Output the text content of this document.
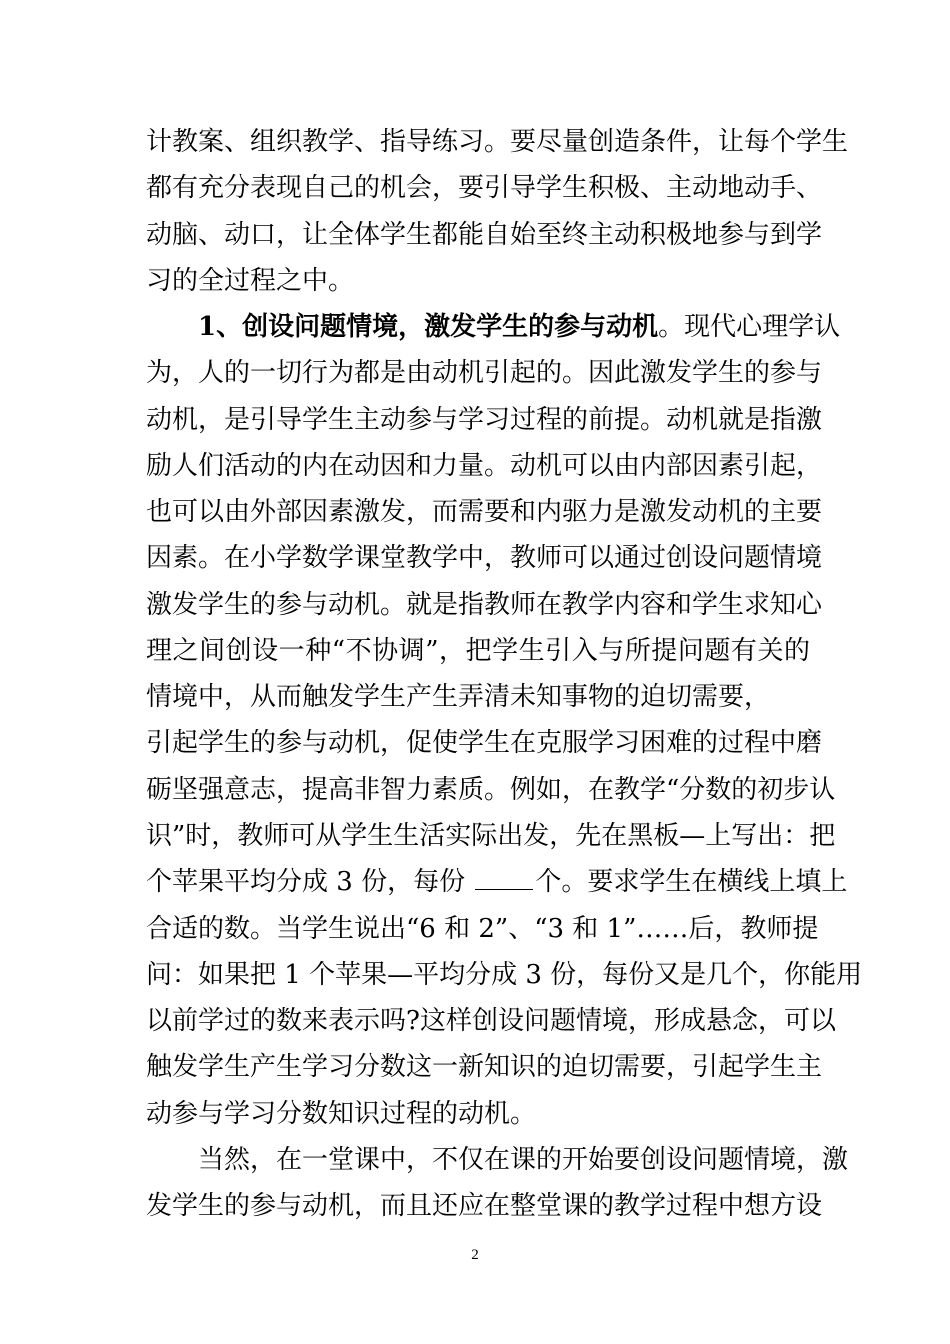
计教案、组织教学、指导练习。要尽量创造条件，让每个学生
都有充分表现自己的机会，要引导学生积极、主动地动手、
动脑、动口，让全体学生都能自始至终主动积极地参与到学
习的全过程之中。
1、创设问题情境，激发学生的参与动机。现代心理学认
为，人的一切行为都是由动机引起的。因此激发学生的参与
动机，是引导学生主动参与学习过程的前提。动机就是指激
励人们活动的内在动因和力量。动机可以由内部因素引起，
也可以由外部因素激发，而需要和内驱力是激发动机的主要
因素。在小学数学课堂教学中，教师可以通过创设问题情境
激发学生的参与动机。就是指教师在教学内容和学生求知心
理之间创设一种“不协调”，把学生引入与所提问题有关的
情境中，从而触发学生产生弄清未知事物的迫切需要，
引起学生的参与动机，促使学生在克服学习困难的过程中磨
砺坚强意志，提高非智力素质。例如，在教学“分数的初步认
识”时，教师可从学生生活实际出发，先在黑板—上写出：把
个苹果平均分成 3 份，每份 个。要求学生在横线上填上
合适的数。当学生说出“6 和 2”、“3 和 1”……后，教师提
问：如果把 1 个苹果—平均分成 3 份，每份又是几个，你能用
以前学过的数来表示吗?这样创设问题情境，形成悬念，可以
触发学生产生学习分数这一新知识的迫切需要，引起学生主
动参与学习分数知识过程的动机。
当然，在一堂课中，不仅在课的开始要创设问题情境，激
发学生的参与动机，而且还应在整堂课的教学过程中想方设
2
